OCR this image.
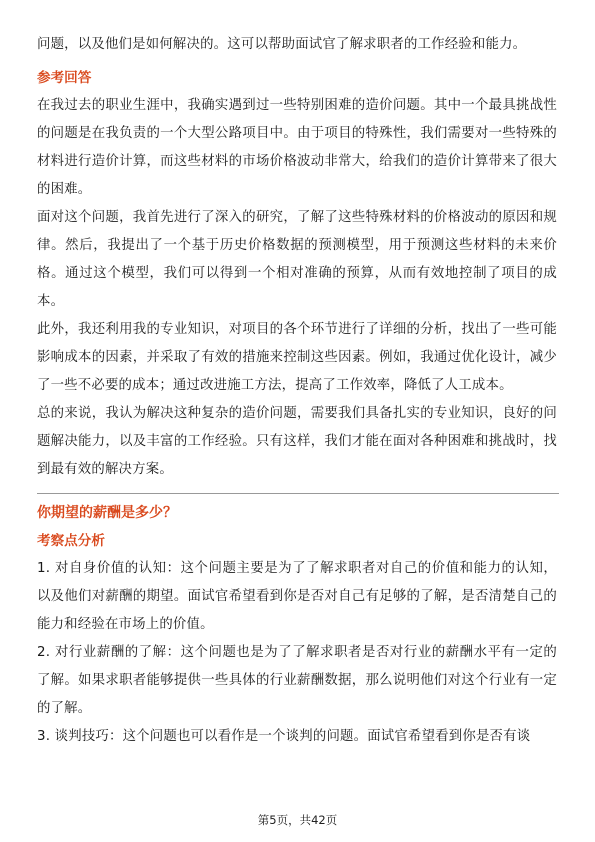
问题，以及他们是如何解决的。这可以帮助面试官了解求职者的工作经验和能力。

参考回答

在我过去的职业生涯中，我确实遇到过一些特别困难的造价问题。其中一个最具挑战性的问题是在我负责的一个大型公路项目中。由于项目的特殊性，我们需要对一些特殊的材料进行造价计算，而这些材料的市场价格波动非常大，给我们的造价计算带来了很大的困难。

面对这个问题，我首先进行了深入的研究，了解了这些特殊材料的价格波动的原因和规律。然后，我提出了一个基于历史价格数据的预测模型，用于预测这些材料的未来价格。通过这个模型，我们可以得到一个相对准确的预算，从而有效地控制了项目的成本。

此外，我还利用我的专业知识，对项目的各个环节进行了详细的分析，找出了一些可能影响成本的因素，并采取了有效的措施来控制这些因素。例如，我通过优化设计，减少了一些不必要的成本；通过改进施工方法，提高了工作效率，降低了人工成本。

总的来说，我认为解决这种复杂的造价问题，需要我们具备扎实的专业知识，良好的问题解决能力，以及丰富的工作经验。只有这样，我们才能在面对各种困难和挑战时，找到最有效的解决方案。

你期望的薪酬是多少？

考察点分析

1. 对自身价值的认知：这个问题主要是为了了解求职者对自己的价值和能力的认知，以及他们对薪酬的期望。面试官希望看到你是否对自己有足够的了解，是否清楚自己的能力和经验在市场上的价值。

2. 对行业薪酬的了解：这个问题也是为了了解求职者是否对行业的薪酬水平有一定的了解。如果求职者能够提供一些具体的行业薪酬数据，那么说明他们对这个行业有一定的了解。

3. 谈判技巧：这个问题也可以看作是一个谈判的问题。面试官希望看到你是否有谈

第5页，共42页
